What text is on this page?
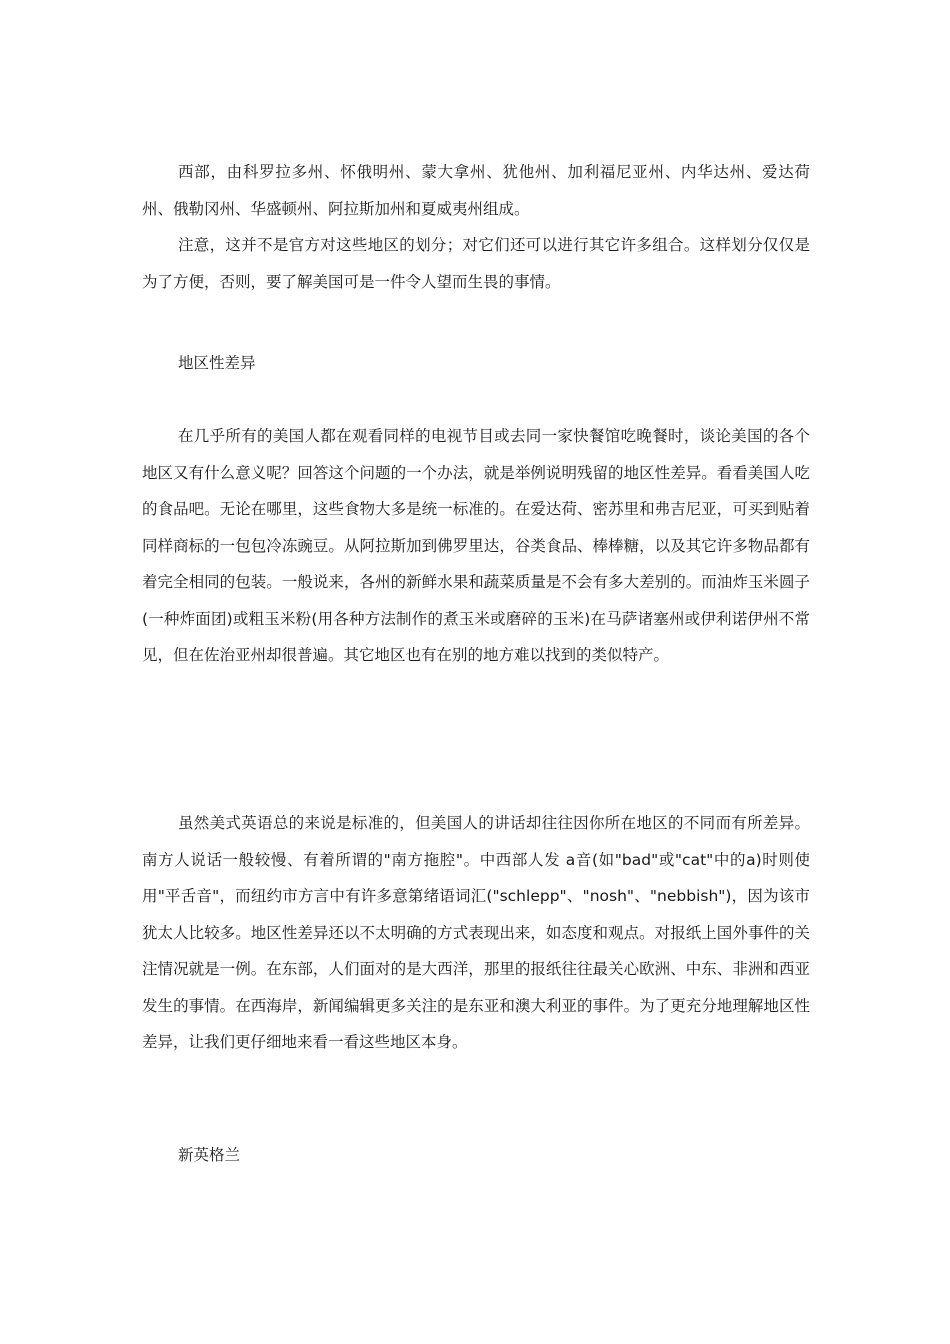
西部，由科罗拉多州、怀俄明州、蒙大拿州、犹他州、加利福尼亚州、内华达州、爱达荷州、俄勒冈州、华盛顿州、阿拉斯加州和夏威夷州组成。

注意，这并不是官方对这些地区的划分；对它们还可以进行其它许多组合。这样划分仅仅是为了方便，否则，要了解美国可是一件令人望而生畏的事情。

地区性差异

在几乎所有的美国人都在观看同样的电视节目或去同一家快餐馆吃晚餐时，谈论美国的各个地区又有什么意义呢？回答这个问题的一个办法，就是举例说明残留的地区性差异。看看美国人吃的食品吧。无论在哪里，这些食物大多是统一标准的。在爱达荷、密苏里和弗吉尼亚，可买到贴着同样商标的一包包冷冻豌豆。从阿拉斯加到佛罗里达，谷类食品、棒棒糖，以及其它许多物品都有着完全相同的包装。一般说来，各州的新鲜水果和蔬菜质量是不会有多大差别的。而油炸玉米圆子(一种炸面团)或粗玉米粉(用各种方法制作的煮玉米或磨碎的玉米)在马萨诸塞州或伊利诺伊州不常见，但在佐治亚州却很普遍。其它地区也有在别的地方难以找到的类似特产。

虽然美式英语总的来说是标准的，但美国人的讲话却往往因你所在地区的不同而有所差异。南方人说话一般较慢、有着所谓的"南方拖腔"。中西部人发 a音(如"bad"或"cat"中的a)时则使用"平舌音"，而纽约市方言中有许多意第绪语词汇("schlepp"、"nosh"、"nebbish")，因为该市犹太人比较多。地区性差异还以不太明确的方式表现出来，如态度和观点。对报纸上国外事件的关注情况就是一例。在东部，人们面对的是大西洋，那里的报纸往往最关心欧洲、中东、非洲和西亚发生的事情。在西海岸，新闻编辑更多关注的是东亚和澳大利亚的事件。为了更充分地理解地区性差异，让我们更仔细地来看一看这些地区本身。

新英格兰
